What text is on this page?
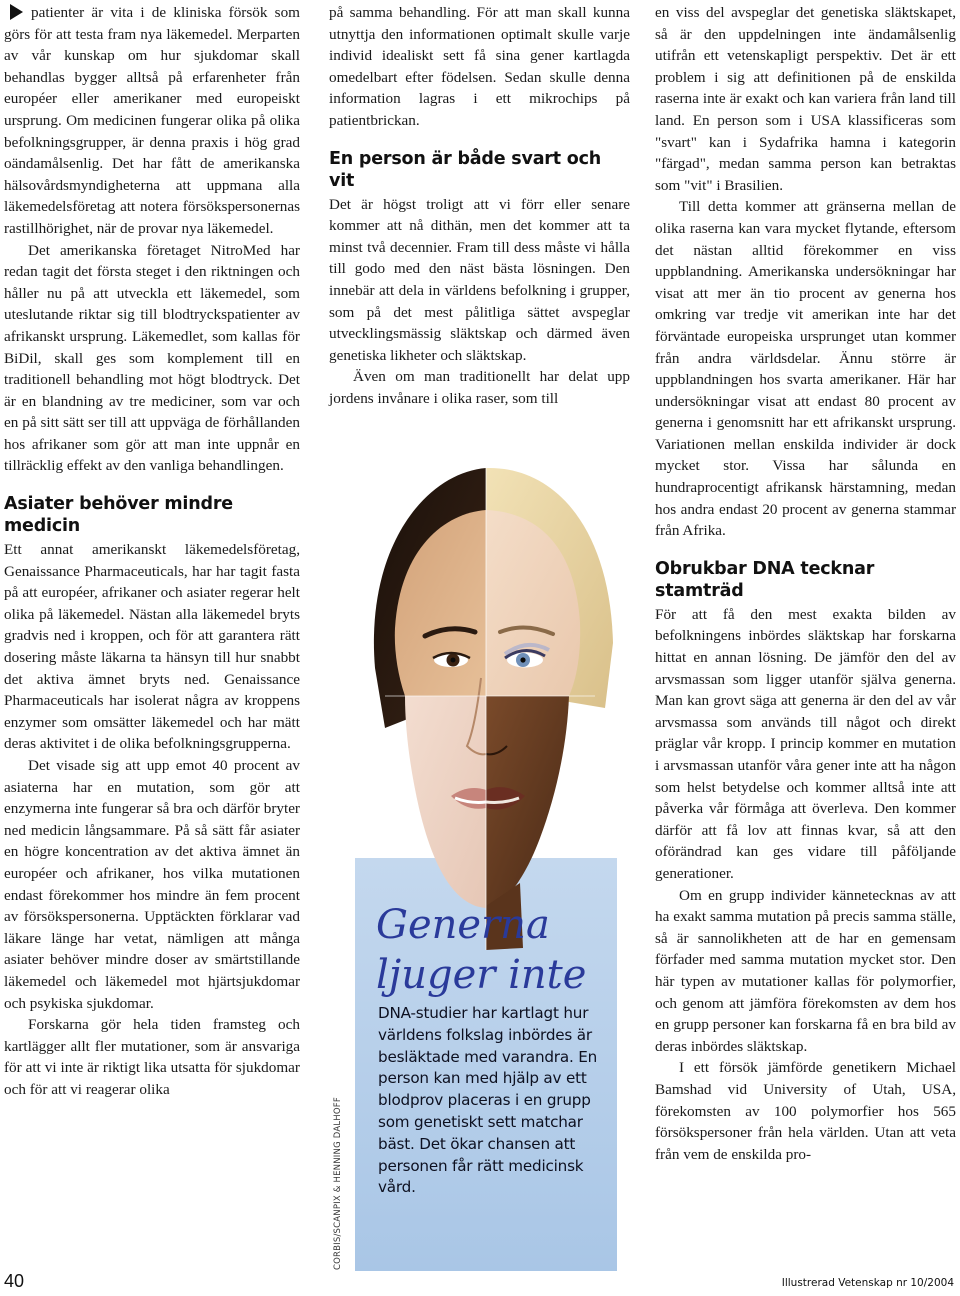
patienter är vita i de kliniska försök som görs för att testa fram nya läkemedel. Merparten av vår kunskap om hur sjukdomar skall behandlas bygger alltså på erfarenheter från européer eller amerikaner med europeiskt ursprung. Om medicinen fungerar olika på olika befolkningsgrupper, är denna praxis i hög grad oändamålsenlig. Det har fått de amerikanska hälsovårdsmyndigheterna att uppmana alla läkemedelsföretag att notera försökspersonernas rastillhörighet, när de provar nya läkemedel.

Det amerikanska företaget NitroMed har redan tagit det första steget i den riktningen och håller nu på att utveckla ett läkemedel, som uteslutande riktar sig till blodtryckspatienter av afrikanskt ursprung. Läkemedlet, som kallas för BiDil, skall ges som komplement till en traditionell behandling mot högt blodtryck. Det är en blandning av tre mediciner, som var och en på sitt sätt ser till att uppväga de förhållanden hos afrikaner som gör att man inte uppnår en tillräcklig effekt av den vanliga behandlingen.

Asiater behöver mindre medicin

Ett annat amerikanskt läkemedelsföretag, Genaissance Pharmaceuticals, har har tagit fasta på att européer, afrikaner och asiater regerar helt olika på läkemedel. Nästan alla läkemedel bryts gradvis ned i kroppen, och för att garantera rätt dosering måste läkarna ta hänsyn till hur snabbt det aktiva ämnet bryts ned. Genaissance Pharmaceuticals har isolerat några av kroppens enzymer som omsätter läkemedel och har mätt deras aktivitet i de olika befolkningsgrupperna.

Det visade sig att upp emot 40 procent av asiaterna har en mutation, som gör att enzymerna inte fungerar så bra och därför bryter ned medicin långsammare. På så sätt får asiater en högre koncentration av det aktiva ämnet än européer och afrikaner, hos vilka mutationen endast förekommer hos mindre än fem procent av försökspersonerna. Upptäckten förklarar vad läkare länge har vetat, nämligen att många asiater behöver mindre doser av smärtstillande läkemedel och läkemedel mot hjärtsjukdomar och psykiska sjukdomar.

Forskarna gör hela tiden framsteg och kartlägger allt fler mutationer, som är ansvariga för att vi inte är riktigt lika utsatta för sjukdomar och för att vi reagerar olika

på samma behandling. För att man skall kunna utnyttja den informationen optimalt skulle varje individ idealiskt sett få sina gener kartlagda omedelbart efter födelsen. Sedan skulle denna information lagras i ett mikrochips på patientbrickan.

En person är både svart och vit

Det är högst troligt att vi förr eller senare kommer att nå dithän, men det kommer att ta minst två decennier. Fram till dess måste vi hålla till godo med den näst bästa lösningen. Den innebär att dela in världens befolkning i grupper, som på det mest pålitliga sättet avspeglar utvecklingsmässig släktskap och därmed även genetiska likheter och släktskap.

Även om man traditionellt har delat upp jordens invånare i olika raser, som till

CORBIS/SCANPIX & HENNING DALHOFF
Generna
ljuger inte
DNA-studier har kartlagt hur världens folkslag inbördes är besläktade med varandra. En person kan med hjälp av ett blodprov placeras i en grupp som genetiskt sett matchar bäst. Det ökar chansen att personen får rätt medicinsk vård.

en viss del avspeglar det genetiska släktskapet, så är den uppdelningen inte ändamålsenlig utifrån ett vetenskapligt perspektiv. Det är ett problem i sig att definitionen på de enskilda raserna inte är exakt och kan variera från land till land. En person som i USA klassificeras som "svart" kan i Sydafrika hamna i kategorin "färgad", medan samma person kan betraktas som "vit" i Brasilien.

Till detta kommer att gränserna mellan de olika raserna kan vara mycket flytande, eftersom det nästan alltid förekommer en viss uppblandning. Amerikanska undersökningar har visat att mer än tio procent av generna hos omkring var tredje vit amerikan inte har det förväntade europeiska ursprunget utan kommer från andra världsdelar. Ännu större är uppblandningen hos svarta amerikaner. Här har undersökningar visat att endast 80 procent av generna i genomsnitt har ett afrikanskt ursprung. Variationen mellan enskilda individer är dock mycket stor. Vissa har sålunda en hundraprocentigt afrikansk härstamning, medan hos andra endast 20 procent av generna stammar från Afrika.

Obrukbar DNA tecknar stamträd

För att få den mest exakta bilden av befolkningens inbördes släktskap har forskarna hittat en annan lösning. De jämför den del av arvsmassan som ligger utanför själva generna. Man kan grovt säga att generna är den del av vår arvsmassa som används till något och direkt präglar vår kropp. I princip kommer en mutation i arvsmassan utanför våra gener inte att ha någon som helst betydelse och kommer alltså inte att påverka vår förmåga att överleva. Den kommer därför att få lov att finnas kvar, så att den oförändrad kan ges vidare till påföljande generationer.

Om en grupp individer kännetecknas av att ha exakt samma mutation på precis samma ställe, så är sannolikheten att de har en gemensam förfader med samma mutation mycket stor. Den här typen av mutationer kallas för polymorfier, och genom att jämföra förekomsten av dem hos en grupp personer kan forskarna få en bra bild av deras inbördes släktskap.

I ett försök jämförde genetikern Michael Bamshad vid University of Utah, USA, förekomsten av 100 polymorfier hos 565 försökspersoner från hela världen. Utan att veta från vem de enskilda pro-

40	Illustrerad Vetenskap nr 10/2004
